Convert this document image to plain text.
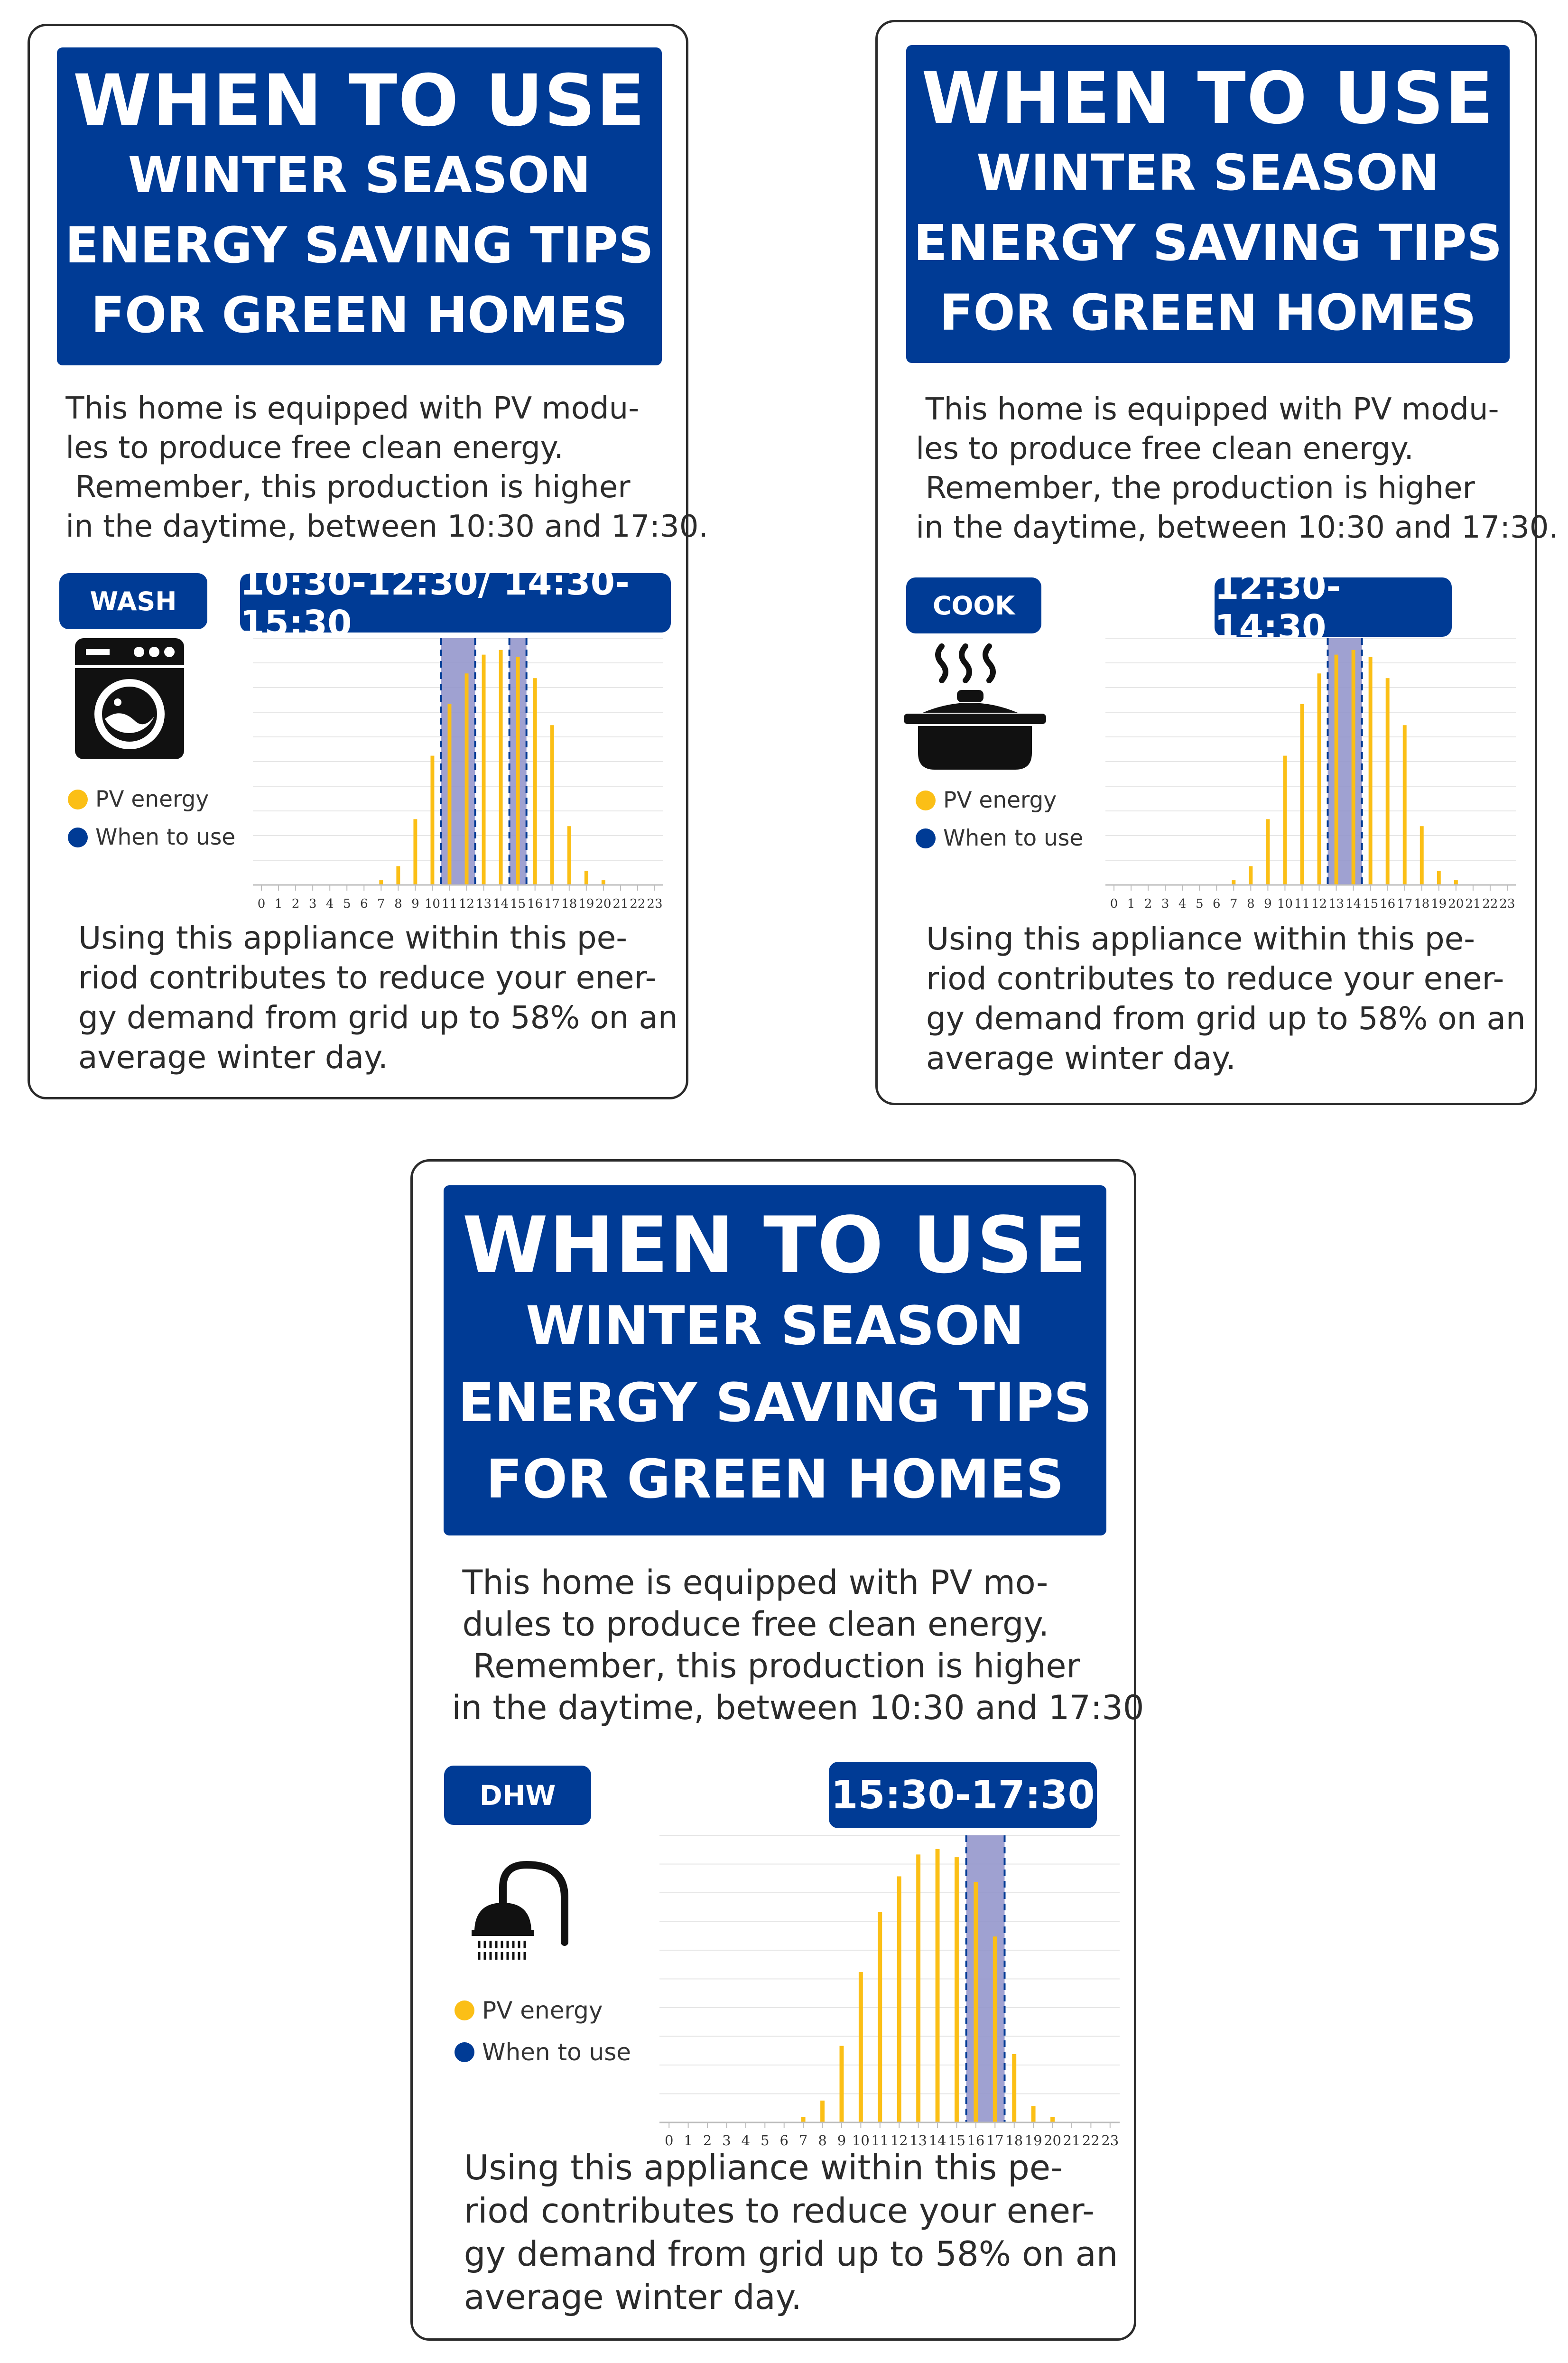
WHEN TO USE
WINTER SEASON
ENERGY SAVING TIPS
FOR GREEN HOMES
This home is equipped with PV modu-
les to produce free clean energy.
Remember, this production is higher
in the daytime, between 10:30 and 17:30.
WASH	10:30-12:30/ 14:30-15:30
PV energy
When to use
0 1 2 3 4 5 6 7 8 9 10 11 12 13 14 15 16 17 18 19 20 21 22 23
Using this appliance within this pe-
riod contributes to reduce your ener-
gy demand from grid up to 58% on an
average winter day.
WHEN TO USE
WINTER SEASON
ENERGY SAVING TIPS
FOR GREEN HOMES
This home is equipped with PV modu-
les to produce free clean energy.
Remember, the production is higher
in the daytime, between 10:30 and 17:30.
COOK	12:30-14:30
PV energy
When to use
0 1 2 3 4 5 6 7 8 9 10 11 12 13 14 15 16 17 18 19 20 21 22 23
Using this appliance within this pe-
riod contributes to reduce your ener-
gy demand from grid up to 58% on an
average winter day.
WHEN TO USE
WINTER SEASON
ENERGY SAVING TIPS
FOR GREEN HOMES
This home is equipped with PV mo-
dules to produce free clean energy.
Remember, this production is higher
in the daytime, between 10:30 and 17:30
DHW	15:30-17:30
PV energy
When to use
0 1 2 3 4 5 6 7 8 9 10 11 12 13 14 15 16 17 18 19 20 21 22 23
Using this appliance within this pe-
riod contributes to reduce your ener-
gy demand from grid up to 58% on an
average winter day.
